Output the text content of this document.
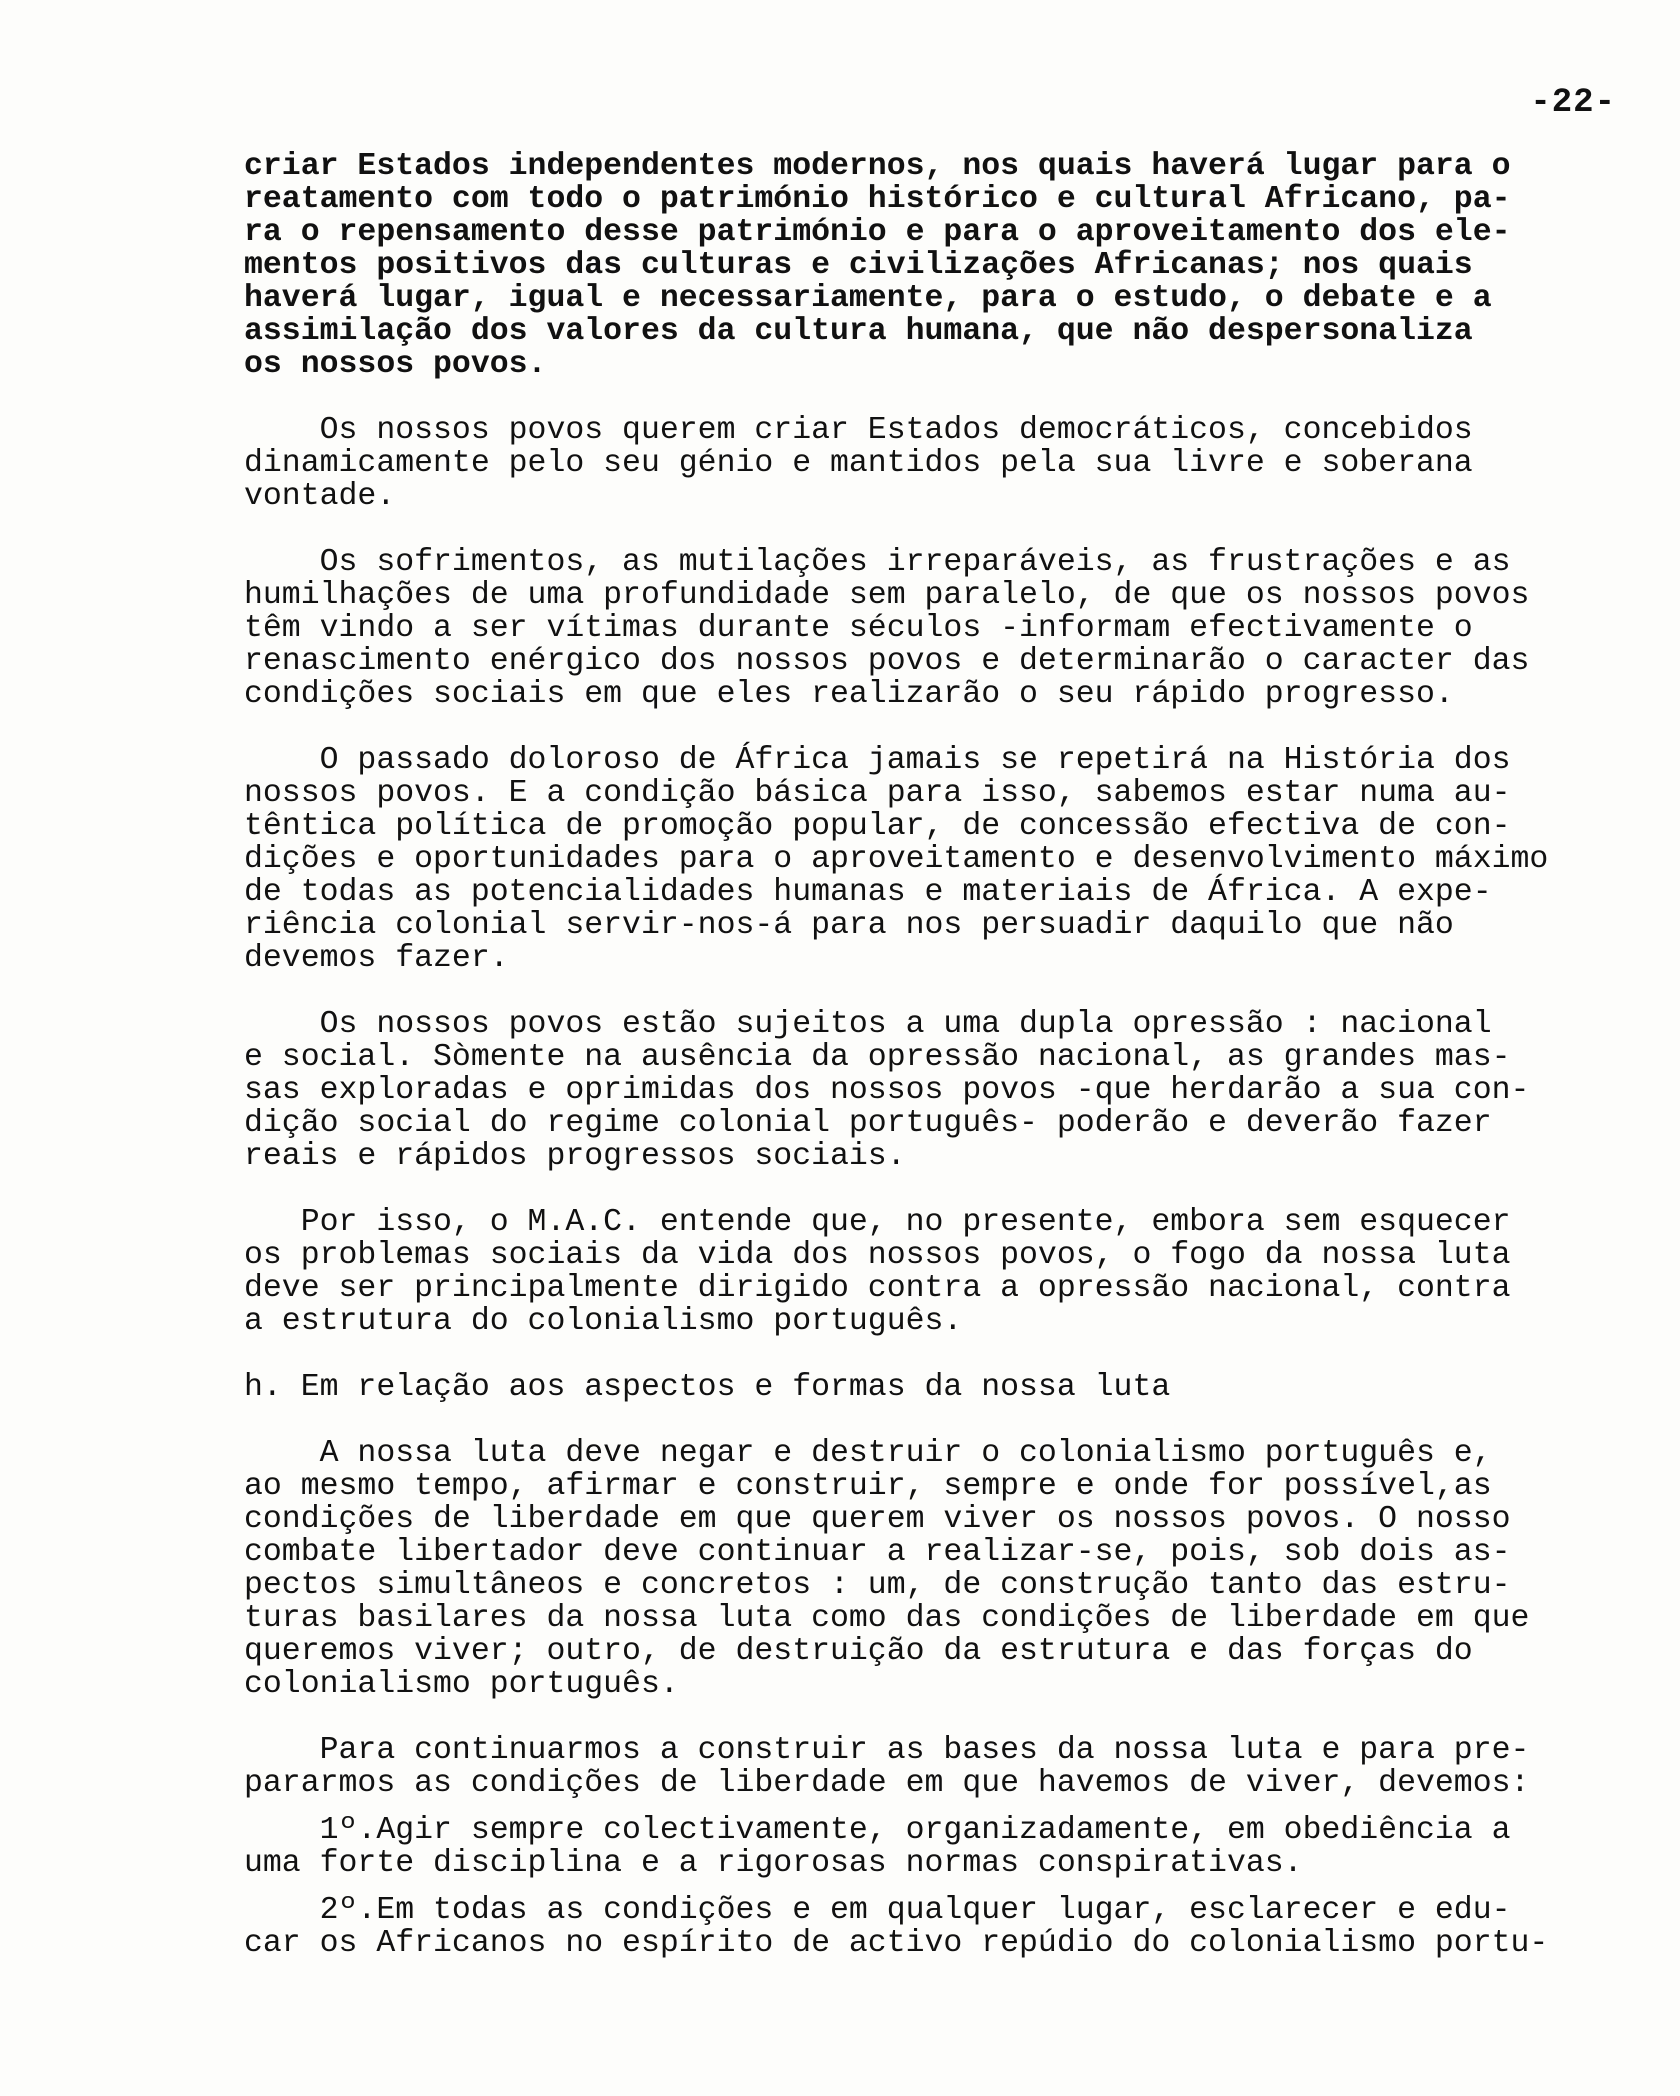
-22-
criar Estados independentes modernos, nos quais haverá lugar para o
reatamento com todo o património histórico e cultural Africano, pa-
ra o repensamento desse património e para o aproveitamento dos ele-
mentos positivos das culturas e civilizações Africanas; nos quais
haverá lugar, igual e necessariamente, para o estudo, o debate e a
assimilação dos valores da cultura humana, que não despersonaliza
os nossos povos.
Os nossos povos querem criar Estados democráticos, concebidos
dinamicamente pelo seu génio e mantidos pela sua livre e soberana
vontade.
Os sofrimentos, as mutilações irreparáveis, as frustrações e as
humilhações de uma profundidade sem paralelo, de que os nossos povos
têm vindo a ser vítimas durante séculos -informam efectivamente o
renascimento enérgico dos nossos povos e determinarão o caracter das
condições sociais em que eles realizarão o seu rápido progresso.
O passado doloroso de África jamais se repetirá na História dos
nossos povos. E a condição básica para isso, sabemos estar numa au-
têntica política de promoção popular, de concessão efectiva de con-
dições e oportunidades para o aproveitamento e desenvolvimento máximo
de todas as potencialidades humanas e materiais de África. A expe-
riência colonial servir-nos-á para nos persuadir daquilo que não
devemos fazer.
Os nossos povos estão sujeitos a uma dupla opressão : nacional
e social. Sòmente na ausência da opressão nacional, as grandes mas-
sas exploradas e oprimidas dos nossos povos -que herdarão a sua con-
dição social do regime colonial português- poderão e deverão fazer
reais e rápidos progressos sociais.
Por isso, o M.A.C. entende que, no presente, embora sem esquecer
os problemas sociais da vida dos nossos povos, o fogo da nossa luta
deve ser principalmente dirigido contra a opressão nacional, contra
a estrutura do colonialismo português.
h. Em relação aos aspectos e formas da nossa luta
A nossa luta deve negar e destruir o colonialismo português e,
ao mesmo tempo, afirmar e construir, sempre e onde for possível,as
condições de liberdade em que querem viver os nossos povos. O nosso
combate libertador deve continuar a realizar-se, pois, sob dois as-
pectos simultâneos e concretos : um, de construção tanto das estru-
turas basilares da nossa luta como das condições de liberdade em que
queremos viver; outro, de destruição da estrutura e das forças do
colonialismo português.
Para continuarmos a construir as bases da nossa luta e para pre-
pararmos as condições de liberdade em que havemos de viver, devemos:
1º.Agir sempre colectivamente, organizadamente, em obediência a
uma forte disciplina e a rigorosas normas conspirativas.
2º.Em todas as condições e em qualquer lugar, esclarecer e edu-
car os Africanos no espírito de activo repúdio do colonialismo portu-
